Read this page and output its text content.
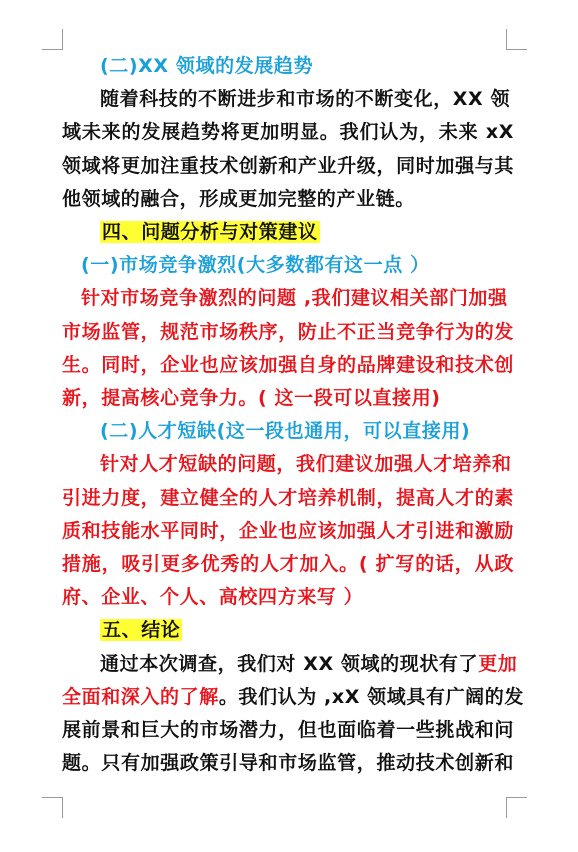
(二)XX 领域的发展趋势
随着科技的不断进步和市场的不断变化，XX 领
域未来的发展趋势将更加明显。我们认为，未来 xX
领域将更加注重技术创新和产业升级，同时加强与其
他领域的融合，形成更加完整的产业链。
四、问题分析与对策建议
(一)市场竞争激烈(大多数都有这一点 ）
针对市场竞争激烈的问题 ,我们建议相关部门加强
市场监管，规范市场秩序，防止不正当竞争行为的发
生。同时，企业也应该加强自身的品牌建设和技术创
新，提高核心竞争力。( 这一段可以直接用)
(二)人才短缺(这一段也通用，可以直接用)
针对人才短缺的问题，我们建议加强人才培养和
引进力度，建立健全的人才培养机制，提高人才的素
质和技能水平同时，企业也应该加强人才引进和激励
措施，吸引更多优秀的人才加入。( 扩写的话，从政
府、企业、个人、高校四方来写 ）
五、结论
通过本次调查，我们对 XX 领域的现状有了更加
全面和深入的了解。我们认为 ,xX 领域具有广阔的发
展前景和巨大的市场潜力，但也面临着一些挑战和问
题。只有加强政策引导和市场监管，推动技术创新和
